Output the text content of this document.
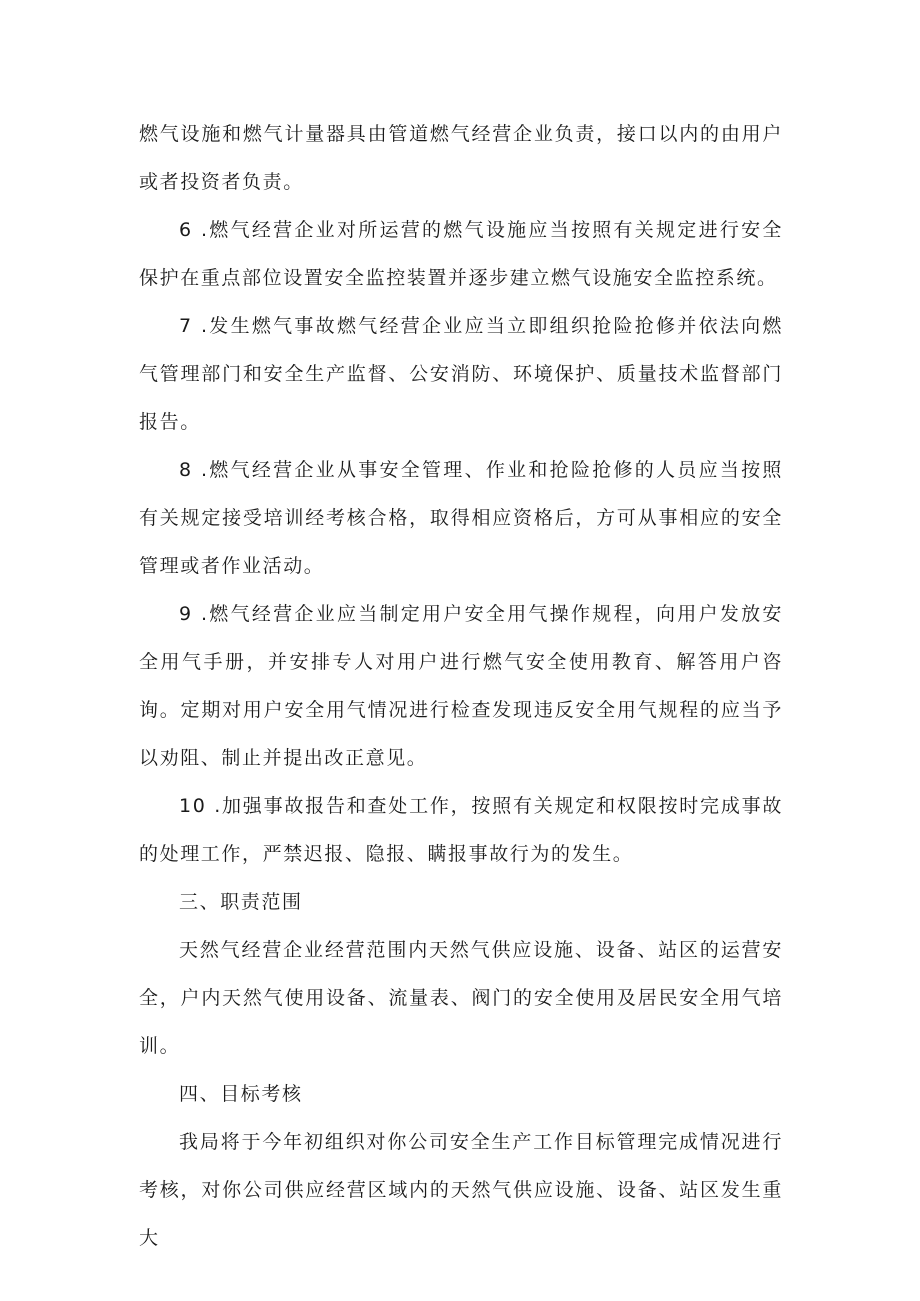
燃气设施和燃气计量器具由管道燃气经营企业负责，接口以内的由用户或者投资者负责。

6 .燃气经营企业对所运营的燃气设施应当按照有关规定进行安全保护在重点部位设置安全监控装置并逐步建立燃气设施安全监控系统。

7 .发生燃气事故燃气经营企业应当立即组织抢险抢修并依法向燃气管理部门和安全生产监督、公安消防、环境保护、质量技术监督部门报告。

8 .燃气经营企业从事安全管理、作业和抢险抢修的人员应当按照有关规定接受培训经考核合格，取得相应资格后，方可从事相应的安全管理或者作业活动。

9 .燃气经营企业应当制定用户安全用气操作规程，向用户发放安全用气手册，并安排专人对用户进行燃气安全使用教育、解答用户咨询。定期对用户安全用气情况进行检查发现违反安全用气规程的应当予以劝阻、制止并提出改正意见。

10 .加强事故报告和查处工作，按照有关规定和权限按时完成事故的处理工作，严禁迟报、隐报、瞒报事故行为的发生。

三、职责范围

天然气经营企业经营范围内天然气供应设施、设备、站区的运营安全，户内天然气使用设备、流量表、阀门的安全使用及居民安全用气培训。

四、目标考核

我局将于今年初组织对你公司安全生产工作目标管理完成情况进行考核，对你公司供应经营区域内的天然气供应设施、设备、站区发生重大
